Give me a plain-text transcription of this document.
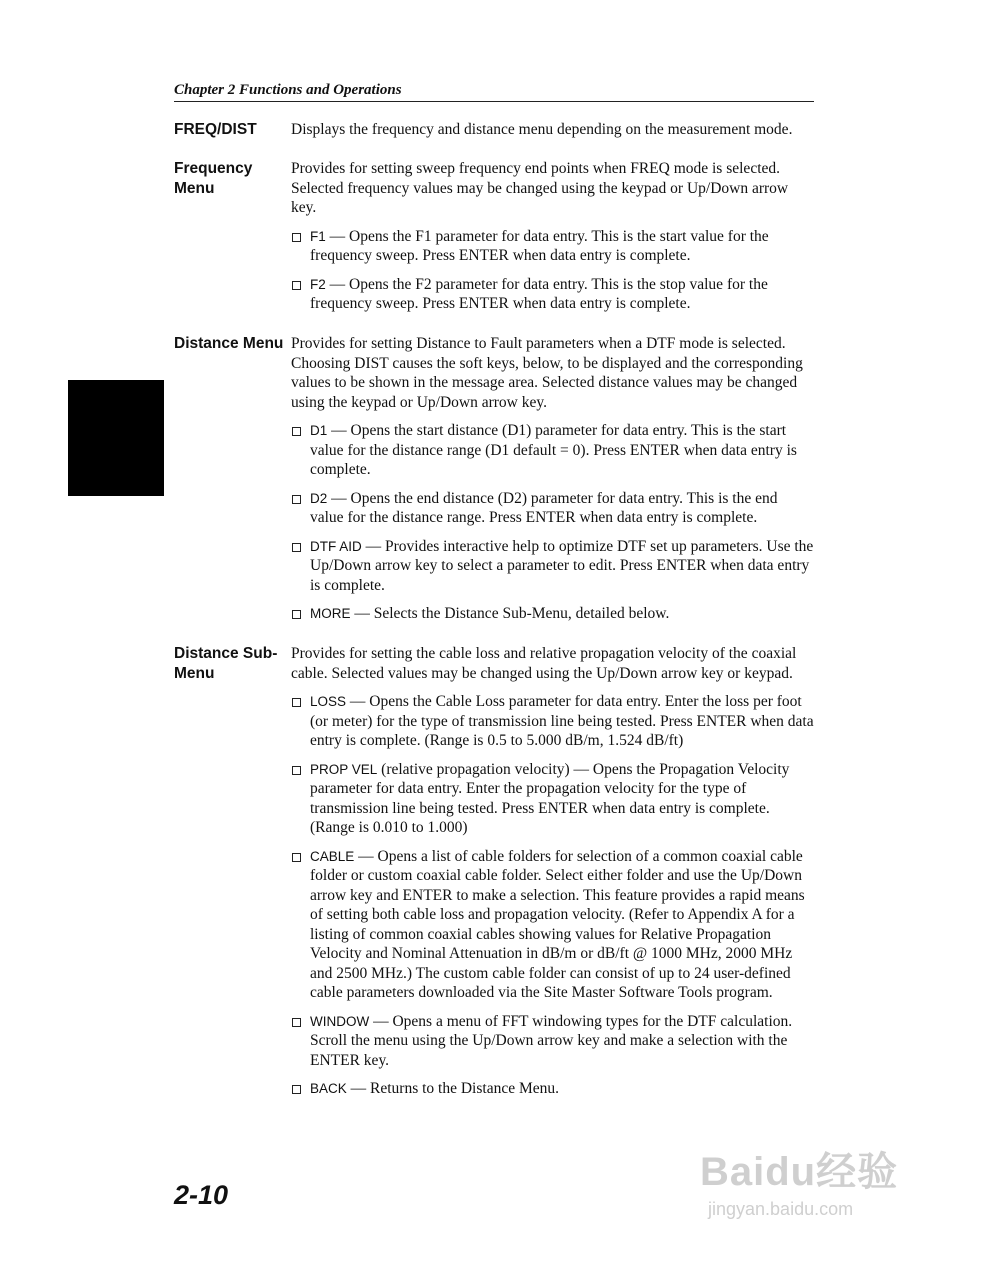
Chapter 2 Functions and Operations
FREQ/DIST	Displays the frequency and distance menu depending on the measurement mode.

Frequency Menu

Provides for setting sweep frequency end points when FREQ mode is selected. Selected frequency values may be changed using the keypad or Up/Down arrow key.

F1 — Opens the F1 parameter for data entry. This is the start value for the frequency sweep. Press ENTER when data entry is complete.
F2 — Opens the F2 parameter for data entry. This is the stop value for the frequency sweep. Press ENTER when data entry is complete.
Distance Menu Provides for setting Distance to Fault parameters when a DTF mode is selected. Choosing DIST causes the soft keys, below, to be displayed and the corresponding values to be shown in the message area. Selected distance values may be changed using the keypad or Up/Down arrow key.

D1 — Opens the start distance (D1) parameter for data entry. This is the start value for the distance range (D1 default = 0). Press ENTER when data entry is complete.
D2 — Opens the end distance (D2) parameter for data entry. This is the end value for the distance range. Press ENTER when data entry is complete.
DTF AID — Provides interactive help to optimize DTF set up parameters. Use the Up/Down arrow key to select a parameter to edit. Press ENTER when data entry is complete.
MORE — Selects the Distance Sub-Menu, detailed below.
Distance Sub-Menu

Provides for setting the cable loss and relative propagation velocity of the coaxial cable. Selected values may be changed using the Up/Down arrow key or keypad.

LOSS — Opens the Cable Loss parameter for data entry. Enter the loss per foot (or meter) for the type of transmission line being tested. Press ENTER when data entry is complete. (Range is 0.5 to 5.000 dB/m, 1.524 dB/ft)
PROP VEL (relative propagation velocity) — Opens the Propagation Velocity parameter for data entry. Enter the propagation velocity for the type of transmission line being tested. Press ENTER when data entry is complete. (Range is 0.010 to 1.000)
CABLE — Opens a list of cable folders for selection of a common coaxial cable folder or custom coaxial cable folder. Select either folder and use the Up/Down arrow key and ENTER to make a selection. This feature provides a rapid means of setting both cable loss and propagation velocity. (Refer to Appendix A for a listing of common coaxial cables showing values for Relative Propagation Velocity and Nominal Attenuation in dB/m or dB/ft @ 1000 MHz, 2000 MHz and 2500 MHz.) The custom cable folder can consist of up to 24 user-defined cable parameters downloaded via the Site Master Software Tools program.
WINDOW — Opens a menu of FFT windowing types for the DTF calculation. Scroll the menu using the Up/Down arrow key and make a selection with the ENTER key.
BACK — Returns to the Distance Menu.
2-10
Baidu经验
jingyan.baidu.com
